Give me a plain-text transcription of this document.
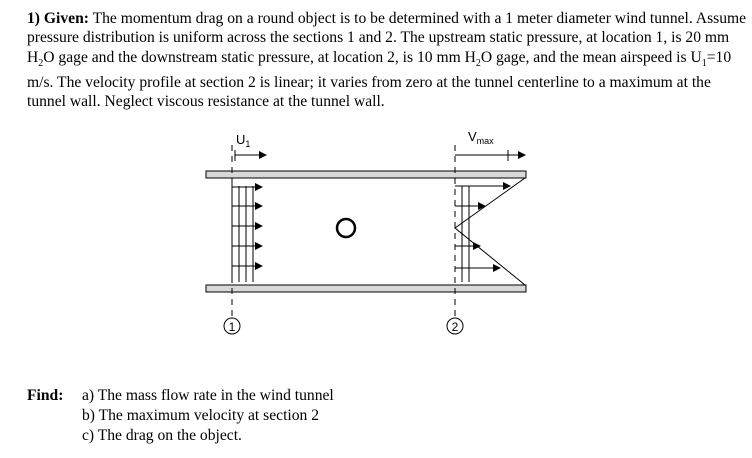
1) Given: The momentum drag on a round object is to be determined with a 1 meter diameter wind tunnel. Assume pressure distribution is uniform across the sections 1 and 2. The upstream static pressure, at location 1, is 20 mm $H_2O$ gage and the downstream static pressure, at location 2, is 10 mm $H_2O$ gage, and the mean airspeed is $U_1=10$ m/s. The velocity profile at section 2 is linear; it varies from zero at the tunnel centerline to a maximum at the tunnel wall. Neglect viscous resistance at the tunnel wall.

$U_1$	$V_{max}$
1	2
Find:	a) The mass flow rate in the wind tunnel
b) The maximum velocity at section 2
c) The drag on the object.
